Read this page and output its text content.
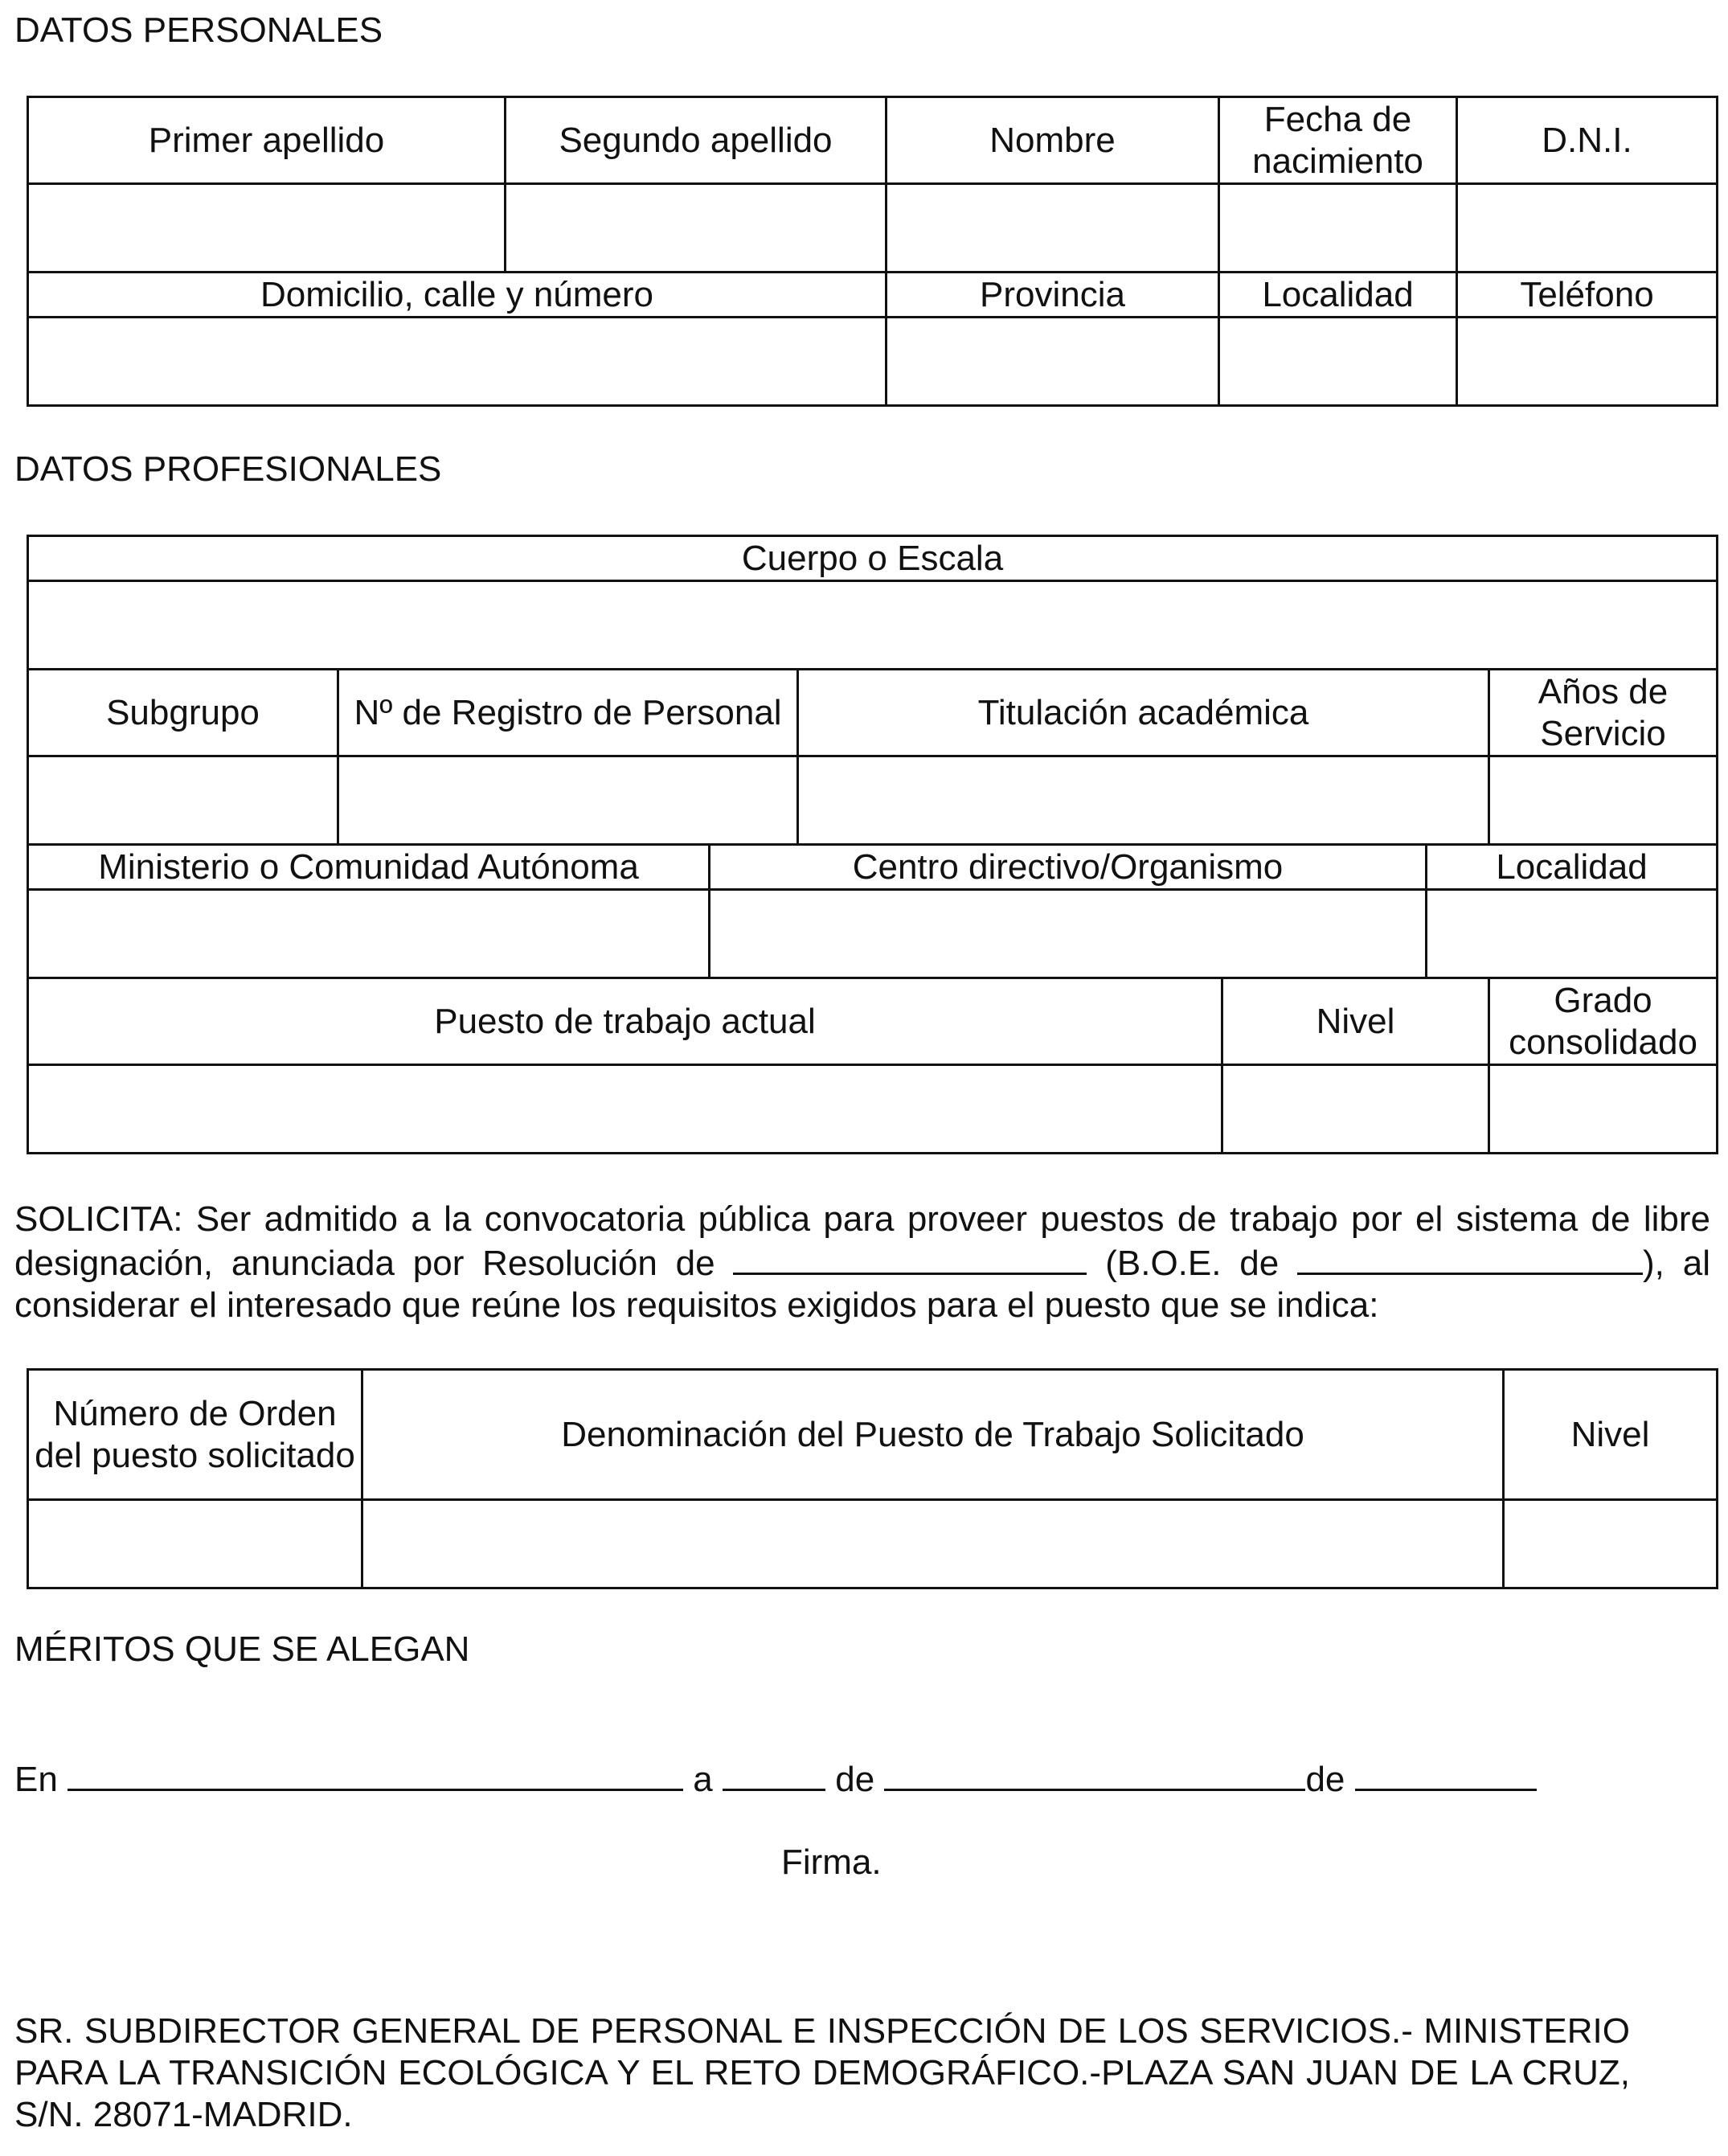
DATOS PERSONALES
Primer apellido	Segundo apellido	Nombre	Fecha de nacimiento	D.N.I.

Domicilio, calle y número		Provincia	Localidad	Teléfono

DATOS PROFESIONALES
Cuerpo o Escala			

Subgrupo	Nº de Registro de Personal	Titulación académica	Años de Servicio

Ministerio o Comunidad Autónoma	Centro directivo/Organismo	Localidad

Puesto de trabajo actual	Nivel	Grado consolidado

SOLICITA: Ser admitido a la convocatoria pública para proveer puestos de trabajo por el sistema de libre designación, anunciada por Resolución de	(B.O.E. de	), al considerar el interesado que reúne los requisitos exigidos para el puesto que se indica:
Número de Orden del puesto solicitado	Denominación del Puesto de Trabajo Solicitado	Nivel

MÉRITOS QUE SE ALEGAN
En	a	de	de
Firma.
SR. SUBDIRECTOR GENERAL DE PERSONAL E INSPECCIÓN DE LOS SERVICIOS.- MINISTERIO PARA LA TRANSICIÓN ECOLÓGICA Y EL RETO DEMOGRÁFICO.-PLAZA SAN JUAN DE LA CRUZ, S/N. 28071-MADRID.
